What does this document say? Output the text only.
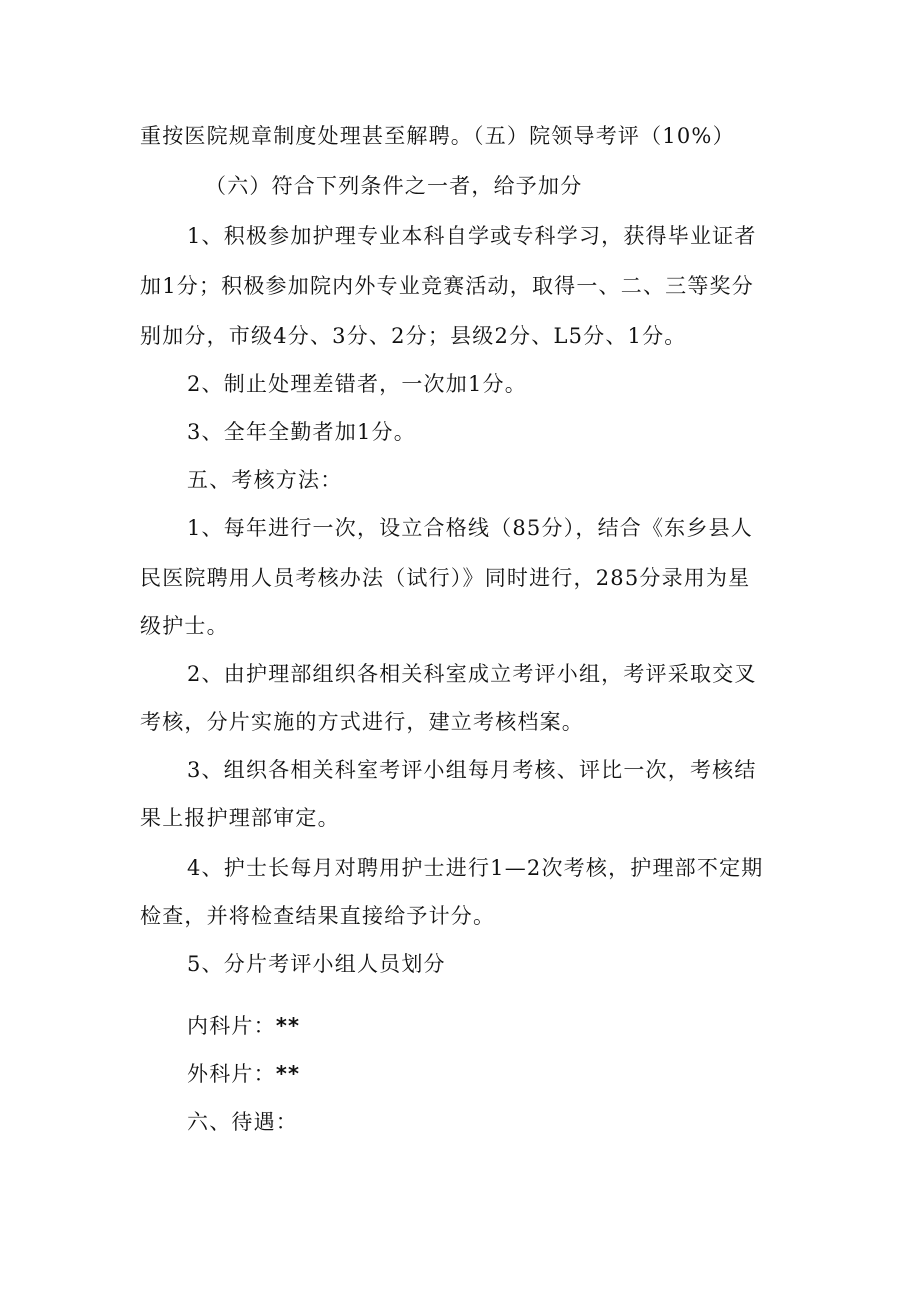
重按医院规章制度处理甚至解聘。（五）院领导考评（10%）
（六）符合下列条件之一者，给予加分
1、积极参加护理专业本科自学或专科学习，获得毕业证者
加1分；积极参加院内外专业竞赛活动，取得一、二、三等奖分
别加分，市级4分、3分、2分；县级2分、L5分、1分。
2、制止处理差错者，一次加1分。
3、全年全勤者加1分。
五、考核方法：
1、每年进行一次，设立合格线（85分），结合《东乡县人
民医院聘用人员考核办法（试行）》同时进行，285分录用为星
级护士。
2、由护理部组织各相关科室成立考评小组，考评采取交叉
考核，分片实施的方式进行，建立考核档案。
3、组织各相关科室考评小组每月考核、评比一次，考核结
果上报护理部审定。
4、护士长每月对聘用护士进行1—2次考核，护理部不定期
检查，并将检查结果直接给予计分。
5、分片考评小组人员划分
内科片：**
外科片：**
六、待遇：
